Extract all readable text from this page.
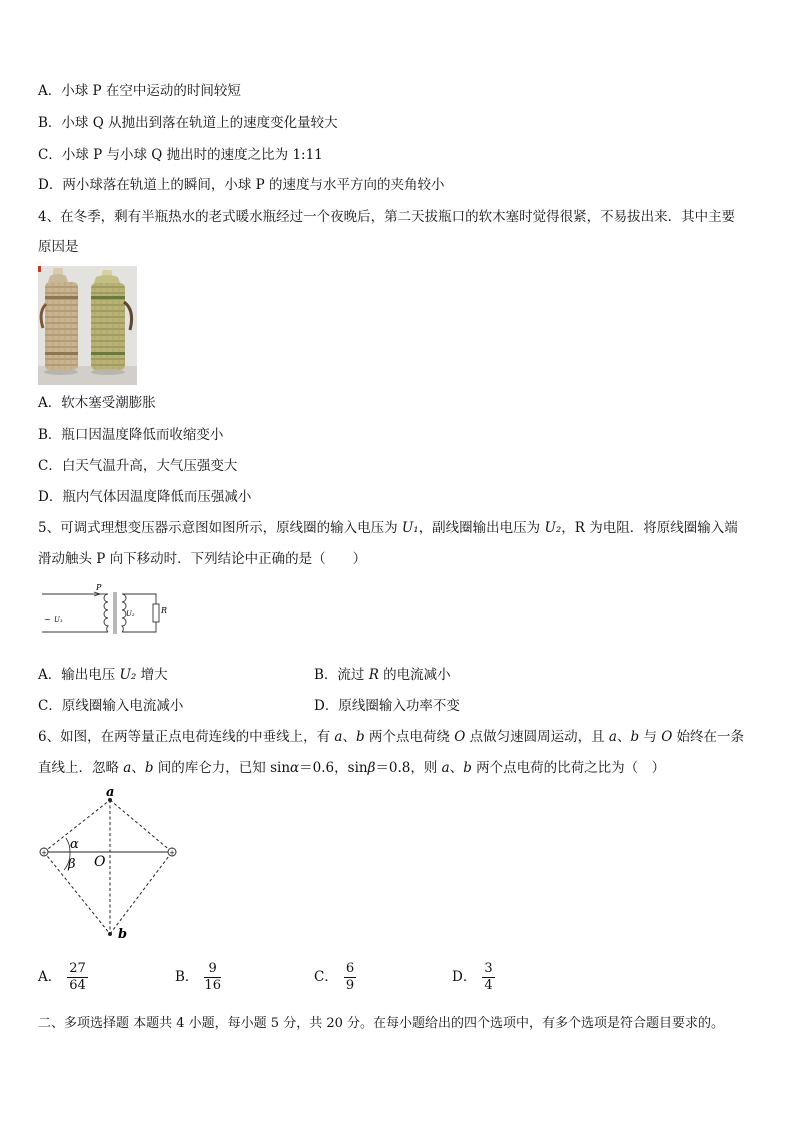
A．小球 P 在空中运动的时间较短
B．小球 Q 从抛出到落在轨道上的速度变化量较大
C．小球 P 与小球 Q 抛出时的速度之比为 1:11
D．两小球落在轨道上的瞬间，小球 P 的速度与水平方向的夹角较小
4、在冬季，剩有半瓶热水的老式暖水瓶经过一个夜晚后，第二天拔瓶口的软木塞时觉得很紧，不易拔出来．其中主要
原因是
A．软木塞受潮膨胀
B．瓶口因温度降低而收缩变小
C．白天气温升高，大气压强变大
D．瓶内气体因温度降低而压强减小
5、可调式理想变压器示意图如图所示，原线圈的输入电压为 U₁，副线圈输出电压为 U₂，R 为电阻．将原线圈输入端
滑动触头 P 向下移动时．下列结论中正确的是（　　）
P
~ U₁
U₂	R
A．输出电压 U₂ 增大	B．流过 R 的电流减小
C．原线圈输入电流减小	D．原线圈输入功率不变
6、如图，在两等量正点电荷连线的中垂线上，有 a、b 两个点电荷绕 O 点做匀速圆周运动，且 a、b 与 O 始终在一条
直线上．忽略 a、b 间的库仑力，已知 sinα＝0.6，sinβ＝0.8，则 a、b 两个点电荷的比荷之比为（　）
+	+
a
b
O
α
β
A． $\frac{27}{64}$	B． $\frac{9}{16}$	C． $\frac{6}{9}$	D． $\frac{3}{4}$
二、多项选择题 本题共 4 小题，每小题 5 分，共 20 分。在每小题给出的四个选项中，有多个选项是符合题目要求的。
